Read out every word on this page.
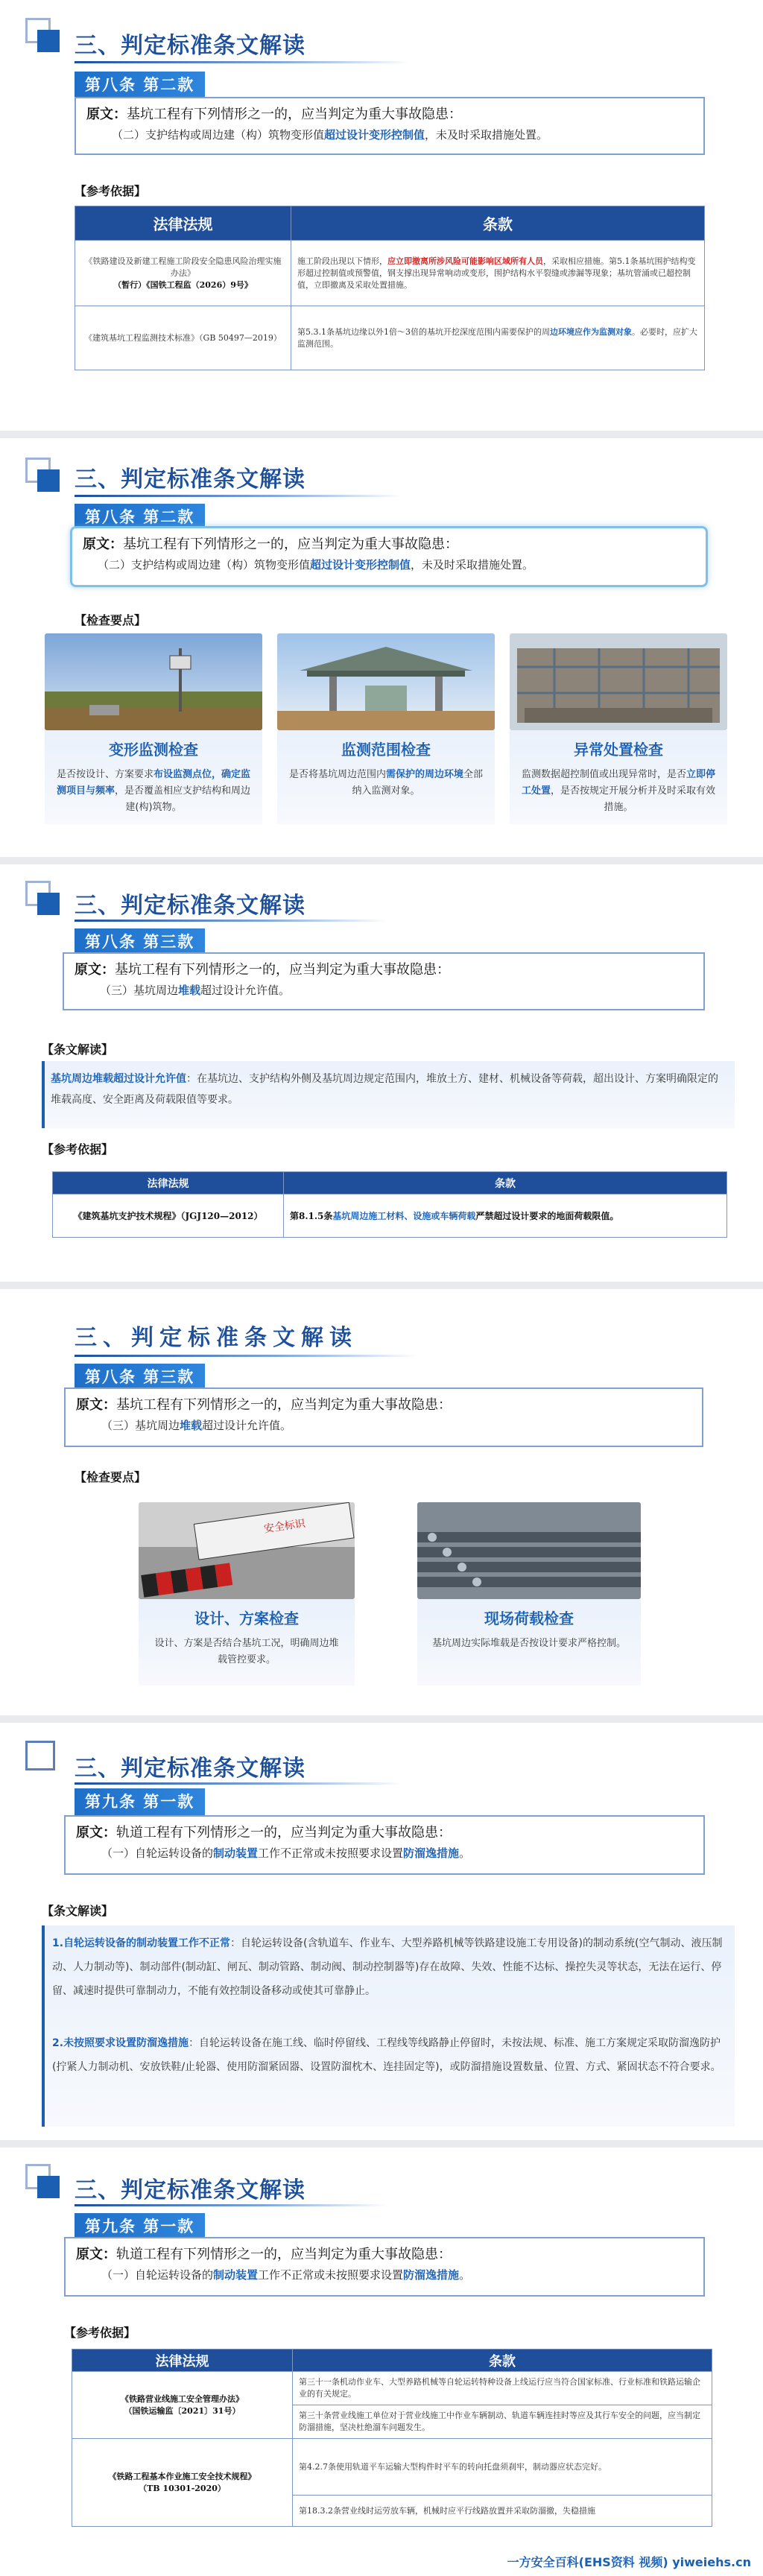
三、判定标准条文解读
第八条 第二款
原文：基坑工程有下列情形之一的，应当判定为重大事故隐患：
（二）支护结构或周边建（构）筑物变形值超过设计变形控制值，未及时采取措施处置。
【参考依据】
法律法规	条款

《铁路建设及新建工程施工阶段安全隐患风险治理实施办法》
（暂行）《国铁工程监（2026）9号》	施工阶段出现以下情形，应立即撤离所涉风险可能影响区域所有人员，采取相应措施。第5.1条基坑围护结构变形超过控制值或预警值，钢支撑出现异常响动或变形，围护结构水平裂缝或渗漏等现象；基坑管涌或已超控制值，立即撤离及采取处置措施。

《建筑基坑工程监测技术标准》（GB 50497—2019）	第5.3.1条基坑边缘以外1倍～3倍的基坑开挖深度范围内需要保护的周边环境应作为监测对象。必要时，应扩大监测范围。
三、判定标准条文解读
第八条 第二款
原文：基坑工程有下列情形之一的，应当判定为重大事故隐患：
（二）支护结构或周边建（构）筑物变形值超过设计变形控制值，未及时采取措施处置。
【检查要点】
变形监测检查
是否按设计、方案要求布设监测点位，确定监测项目与频率，是否覆盖相应支护结构和周边建(构)筑物。
监测范围检查
是否将基坑周边范围内需保护的周边环境全部纳入监测对象。
异常处置检查
监测数据超控制值或出现异常时，是否立即停工处置，是否按规定开展分析并及时采取有效措施。
三、判定标准条文解读
第八条 第三款
原文：基坑工程有下列情形之一的，应当判定为重大事故隐患：
（三）基坑周边堆载超过设计允许值。
【条文解读】
基坑周边堆载超过设计允许值：在基坑边、支护结构外侧及基坑周边规定范围内，堆放土方、建材、机械设备等荷载，超出设计、方案明确限定的堆载高度、安全距离及荷载限值等要求。
【参考依据】
法律法规	条款
《建筑基坑支护技术规程》（JGJ120—2012）	第8.1.5条基坑周边施工材料、设施或车辆荷载严禁超过设计要求的地面荷载限值。
三、判定标准条文解读
第八条 第三款
原文：基坑工程有下列情形之一的，应当判定为重大事故隐患：
（三）基坑周边堆载超过设计允许值。
【检查要点】
安全标识
设计、方案检查
设计、方案是否结合基坑工况，明确周边堆载管控要求。
现场荷载检查
基坑周边实际堆载是否按设计要求严格控制。
三、判定标准条文解读
第九条 第一款
原文：轨道工程有下列情形之一的，应当判定为重大事故隐患：
（一）自轮运转设备的制动装置工作不正常或未按照要求设置防溜逸措施。
【条文解读】
1.自轮运转设备的制动装置工作不正常：自轮运转设备(含轨道车、作业车、大型养路机械等铁路建设施工专用设备)的制动系统(空气制动、液压制动、人力制动等)、制动部件(制动缸、闸瓦、制动管路、制动阀、制动控制器等)存在故障、失效、性能不达标、操控失灵等状态，无法在运行、停留、减速时提供可靠制动力，不能有效控制设备移动或使其可靠静止。
2.未按照要求设置防溜逸措施：自轮运转设备在施工线、临时停留线、工程线等线路静止停留时，未按法规、标准、施工方案规定采取防溜逸防护(拧紧人力制动机、安放铁鞋/止轮器、使用防溜紧固器、设置防溜枕木、连挂固定等)，或防溜措施设置数量、位置、方式、紧固状态不符合要求。
三、判定标准条文解读
第九条 第一款
原文：轨道工程有下列情形之一的，应当判定为重大事故隐患：
（一）自轮运转设备的制动装置工作不正常或未按照要求设置防溜逸措施。
【参考依据】
法律法规	条款

《铁路营业线施工安全管理办法》
（国铁运输监〔2021〕31号）	第三十一条机动作业车、大型养路机械等自轮运转特种设备上线运行应当符合国家标准、行业标准和铁路运输企业的有关规定。
	第三十条营业线施工单位对于营业线施工中作业车辆制动、轨道车辆连挂时等应及其行车安全的问题，应当制定防溜措施，坚决杜绝溜车问题发生。

《铁路工程基本作业施工安全技术规程》
（TB 10301-2020）	第4.2.7条使用轨道平车运输大型构件时平车的转向托盘须刹牢，制动器应状态完好。
	第18.3.2条营业线时运劳放车辆，机械时应平行线路放置并采取防溜撤，失稳措施
一方安全百科(EHS资料 视频) yiweiehs.cn
